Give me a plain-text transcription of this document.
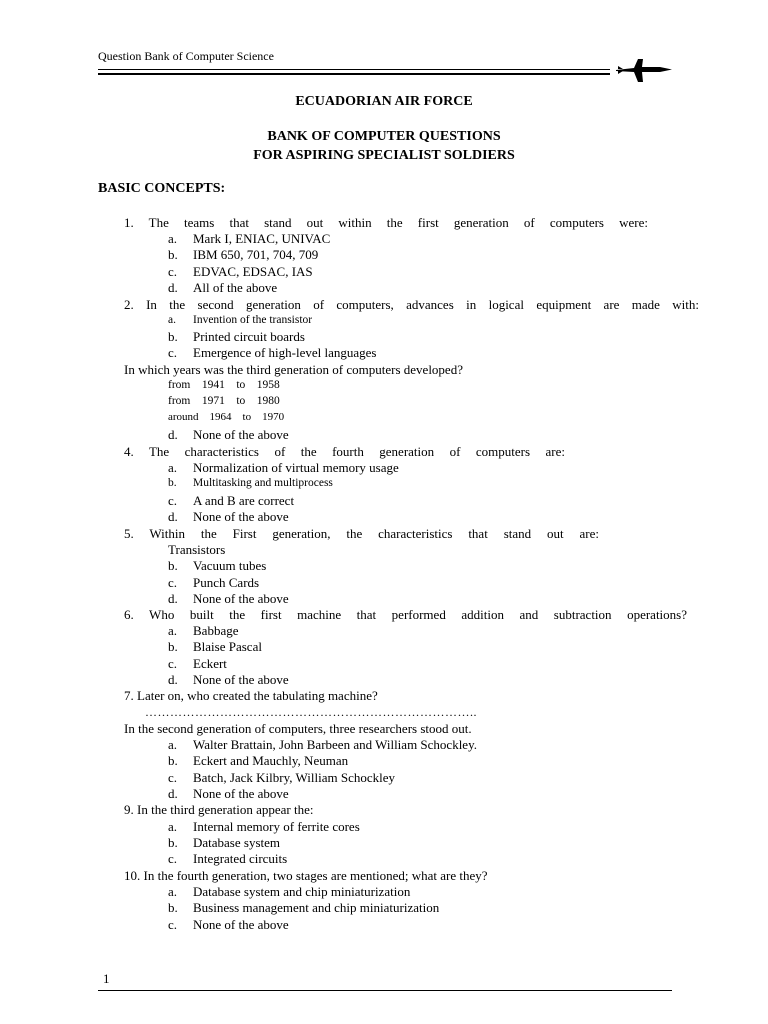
Question Bank of Computer Science
ECUADORIAN AIR FORCE
BANK OF COMPUTER QUESTIONS
FOR ASPIRING SPECIALIST SOLDIERS
BASIC CONCEPTS:
1. The teams that stand out within the first generation of computers were:
a. Mark I, ENIAC, UNIVAC
b. IBM 650, 701, 704, 709
c. EDVAC, EDSAC, IAS
d. All of the above
2. In the second generation of computers, advances in logical equipment are made with:
a. Invention of the transistor
b. Printed circuit boards
c. Emergence of high-level languages
In which years was the third generation of computers developed?
from    1941    to    1958
from    1971    to    1980
around    1964    to    1970
d. None of the above
4. The characteristics of the fourth generation of computers are:
a. Normalization of virtual memory usage
b. Multitasking and multiprocess
c. A and B are correct
d. None of the above
5. Within the First generation, the characteristics that stand out are:
Transistors
b. Vacuum tubes
c. Punch Cards
d. None of the above
6. Who built the first machine that performed addition and subtraction operations?
a. Babbage
b. Blaise Pascal
c. Eckert
d. None of the above
7. Later on, who created the tabulating machine?
……………………………………………………………………..
In the second generation of computers, three researchers stood out.
a. Walter Brattain, John Barbeen and William Schockley.
b. Eckert and Mauchly, Neuman
c. Batch, Jack Kilbry, William Schockley
d. None of the above
9. In the third generation appear the:
a. Internal memory of ferrite cores
b. Database system
c. Integrated circuits
10. In the fourth generation, two stages are mentioned; what are they?
a. Database system and chip miniaturization
b. Business management and chip miniaturization
c. None of the above
1
